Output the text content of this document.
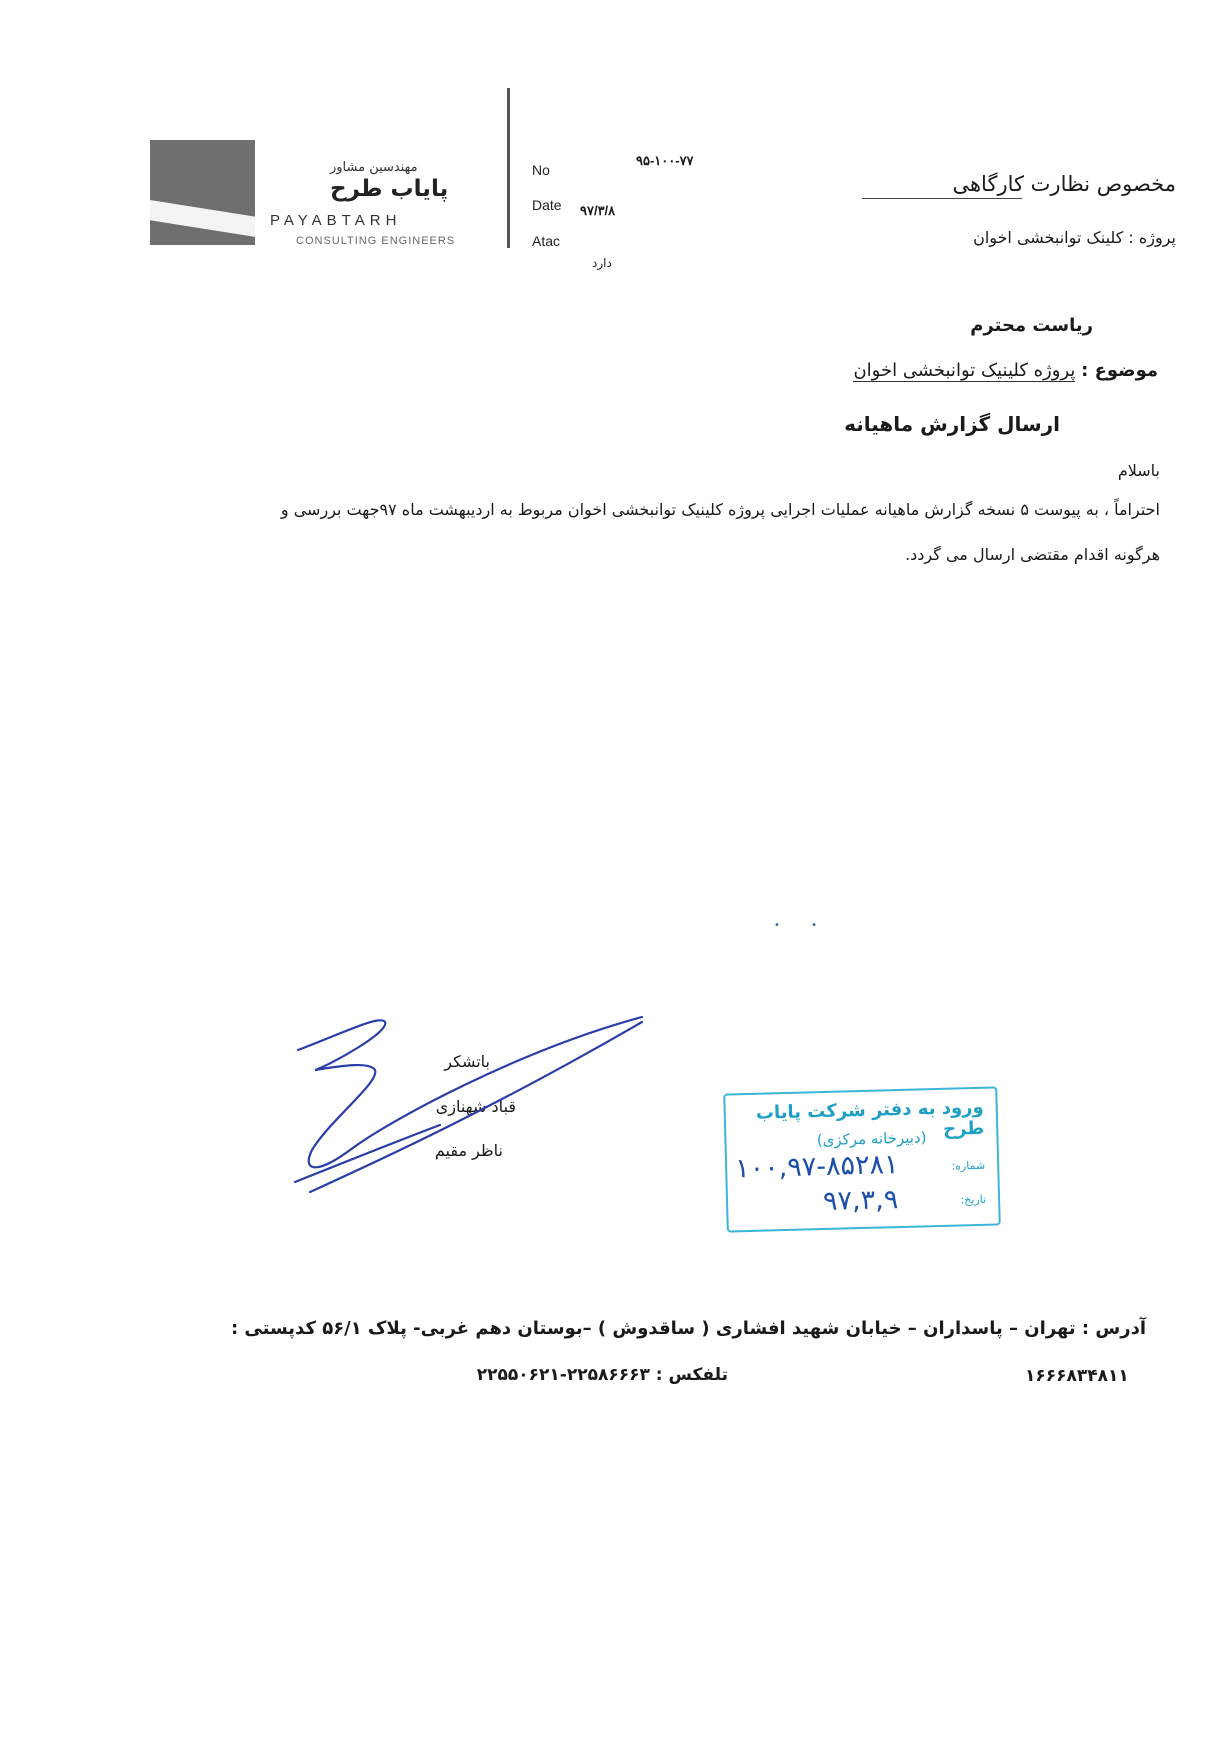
مهندسین مشاور
پایاب طرح
PAYABTARH
CONSULTING ENGINEERS
No
۹۵-۱۰۰-۷۷
Date ۹۷/۳/۸
Atac
دارد
مخصوص نظارت کارگاهی
پروژه : کلینک توانبخشی اخوان
ریاست محترم
موضوع : پروژه کلینیک توانبخشی اخوان
ارسال گزارش ماهیانه
باسلام
احتراماً ، به پیوست ۵ نسخه گزارش ماهیانه عملیات اجرایی پروژه کلینیک توانبخشی اخوان مربوط به اردیبهشت ماه ۹۷جهت بررسی و
هرگونه اقدام مقتضی ارسال می گردد.
• •
باتشکر
قباد شهنازی
ناظر مقیم
ورود به دفتر شرکت پایاب طرح
(دبیرخانه مرکزی)
شماره:
۱۰۰,۹۷-۸۵۲۸۱
تاریخ:
۹۷,۳,۹
آدرس : تهران – پاسداران – خیابان شهید افشاری ( ساقدوش ) –بوستان دهم غربی- پلاک ۵۶/۱ کدپستی :
تلفکس : ۲۲۵۸۶۶۶۳-۲۲۵۵۰۶۲۱	۱۶۶۶۸۳۴۸۱۱
